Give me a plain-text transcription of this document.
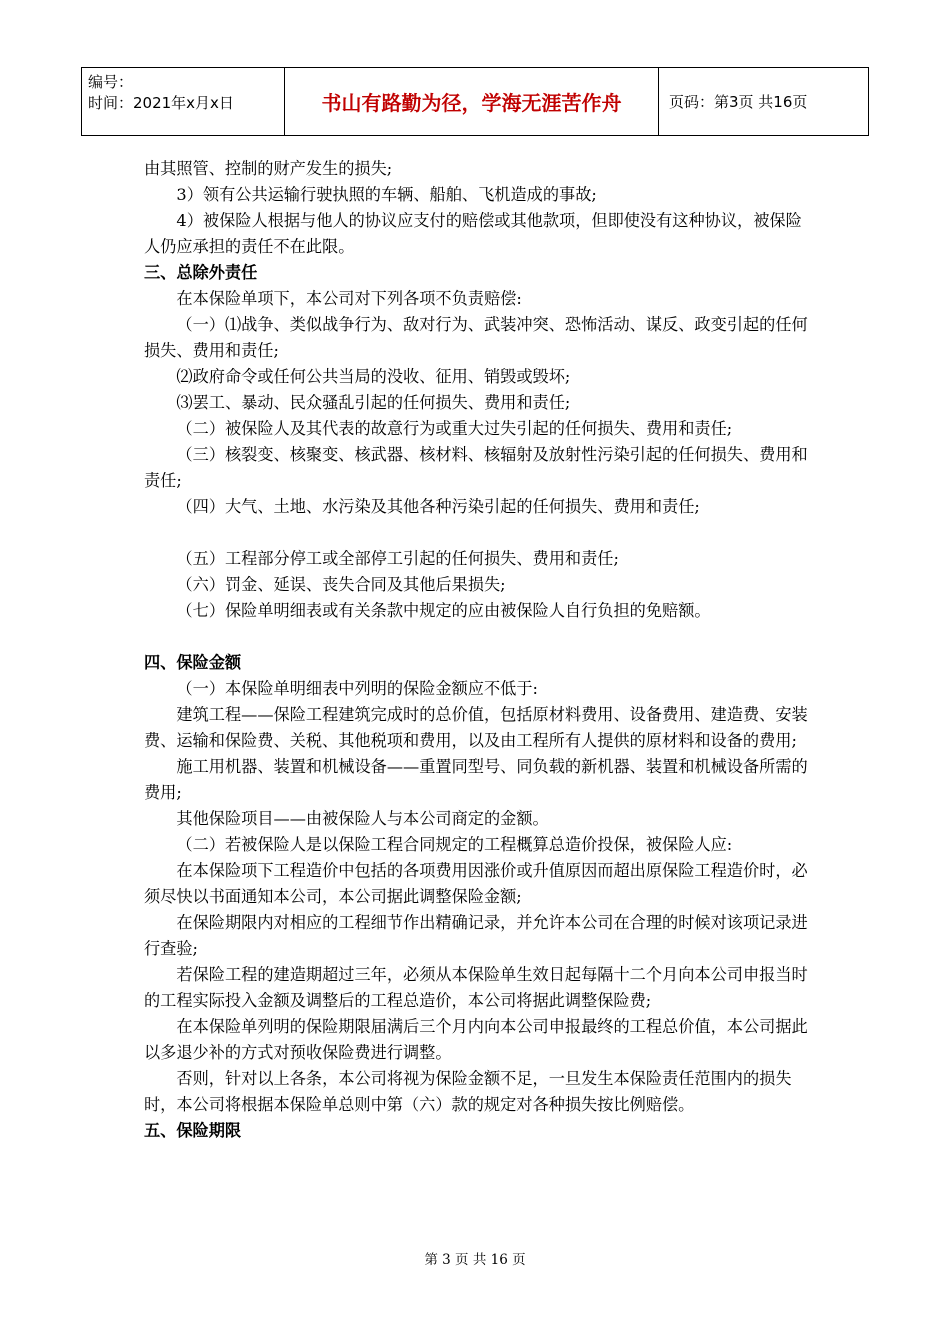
编号：
时间：2021年x月x日	书山有路勤为径，学海无涯苦作舟	页码：第3页 共16页

由其照管、控制的财产发生的损失;

3）领有公共运输行驶执照的车辆、船舶、飞机造成的事故;

4）被保险人根据与他人的协议应支付的赔偿或其他款项，但即使没有这种协议，被保险人仍应承担的责任不在此限。

三、总除外责任

在本保险单项下，本公司对下列各项不负责赔偿:

（一）⑴战争、类似战争行为、敌对行为、武装冲突、恐怖活动、谋反、政变引起的任何损失、费用和责任;

⑵政府命令或任何公共当局的没收、征用、销毁或毁坏;

⑶罢工、暴动、民众骚乱引起的任何损失、费用和责任;

（二）被保险人及其代表的故意行为或重大过失引起的任何损失、费用和责任;

（三）核裂变、核聚变、核武器、核材料、核辐射及放射性污染引起的任何损失、费用和责任;

（四）大气、土地、水污染及其他各种污染引起的任何损失、费用和责任;

（五）工程部分停工或全部停工引起的任何损失、费用和责任;

（六）罚金、延误、丧失合同及其他后果损失;

（七）保险单明细表或有关条款中规定的应由被保险人自行负担的免赔额。

四、保险金额

（一）本保险单明细表中列明的保险金额应不低于:

建筑工程——保险工程建筑完成时的总价值，包括原材料费用、设备费用、建造费、安装费、运输和保险费、关税、其他税项和费用，以及由工程所有人提供的原材料和设备的费用;

施工用机器、装置和机械设备——重置同型号、同负载的新机器、装置和机械设备所需的费用;

其他保险项目——由被保险人与本公司商定的金额。

（二）若被保险人是以保险工程合同规定的工程概算总造价投保，被保险人应:

在本保险项下工程造价中包括的各项费用因涨价或升值原因而超出原保险工程造价时，必须尽快以书面通知本公司，本公司据此调整保险金额;

在保险期限内对相应的工程细节作出精确记录，并允许本公司在合理的时候对该项记录进行查验;

若保险工程的建造期超过三年，必须从本保险单生效日起每隔十二个月向本公司申报当时的工程实际投入金额及调整后的工程总造价，本公司将据此调整保险费;

在本保险单列明的保险期限届满后三个月内向本公司申报最终的工程总价值，本公司据此以多退少补的方式对预收保险费进行调整。

否则，针对以上各条，本公司将视为保险金额不足，一旦发生本保险责任范围内的损失时，本公司将根据本保险单总则中第（六）款的规定对各种损失按比例赔偿。

五、保险期限

第 3 页 共 16 页
